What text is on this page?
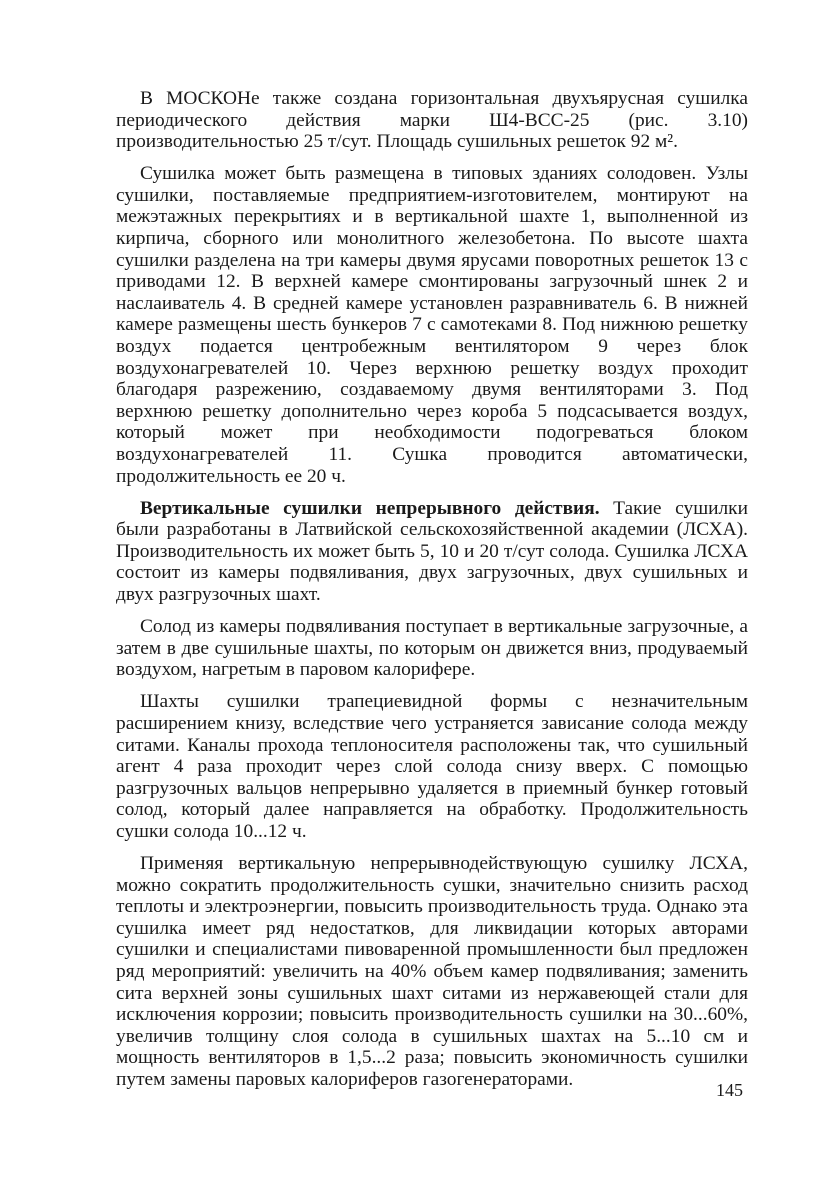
В МОСКОНе также создана горизонтальная двухъярусная сушилка периодического действия марки Ш4-ВСС-25 (рис. 3.10) производительностью 25 т/сут. Площадь сушильных решеток 92 м².

Сушилка может быть размещена в типовых зданиях солодовен. Узлы сушилки, поставляемые предприятием-изготовителем, монтируют на межэтажных перекрытиях и в вертикальной шахте 1, выполненной из кирпича, сборного или монолитного железобетона. По высоте шахта сушилки разделена на три камеры двумя ярусами поворотных решеток 13 с приводами 12. В верхней камере смонтированы загрузочный шнек 2 и наслаиватель 4. В средней камере установлен разравниватель 6. В нижней камере размещены шесть бункеров 7 с самотеками 8. Под нижнюю решетку воздух подается центробежным вентилятором 9 через блок воздухонагревателей 10. Через верхнюю решетку воздух проходит благодаря разрежению, создаваемому двумя вентиляторами 3. Под верхнюю решетку дополнительно через короба 5 подсасывается воздух, который может при необходимости подогреваться блоком воздухонагревателей 11. Сушка проводится автоматически, продолжительность ее 20 ч.

Вертикальные сушилки непрерывного действия. Такие сушилки были разработаны в Латвийской сельскохозяйственной академии (ЛСХА). Производительность их может быть 5, 10 и 20 т/сут солода. Сушилка ЛСХА состоит из камеры подвяливания, двух загрузочных, двух сушильных и двух разгрузочных шахт.

Солод из камеры подвяливания поступает в вертикальные загрузочные, а затем в две сушильные шахты, по которым он движется вниз, продуваемый воздухом, нагретым в паровом калорифере.

Шахты сушилки трапециевидной формы с незначительным расширением книзу, вследствие чего устраняется зависание солода между ситами. Каналы прохода теплоносителя расположены так, что сушильный агент 4 раза проходит через слой солода снизу вверх. С помощью разгрузочных вальцов непрерывно удаляется в приемный бункер готовый солод, который далее направляется на обработку. Продолжительность сушки солода 10...12 ч.

Применяя вертикальную непрерывнодействующую сушилку ЛСХА, можно сократить продолжительность сушки, значительно снизить расход теплоты и электроэнергии, повысить производительность труда. Однако эта сушилка имеет ряд недостатков, для ликвидации которых авторами сушилки и специалистами пивоваренной промышленности был предложен ряд мероприятий: увеличить на 40% объем камер подвяливания; заменить сита верхней зоны сушильных шахт ситами из нержавеющей стали для исключения коррозии; повысить производительность сушилки на 30...60%, увеличив толщину слоя солода в сушильных шахтах на 5...10 см и мощность вентиляторов в 1,5...2 раза; повысить экономичность сушилки путем замены паровых калориферов газогенераторами.	145
